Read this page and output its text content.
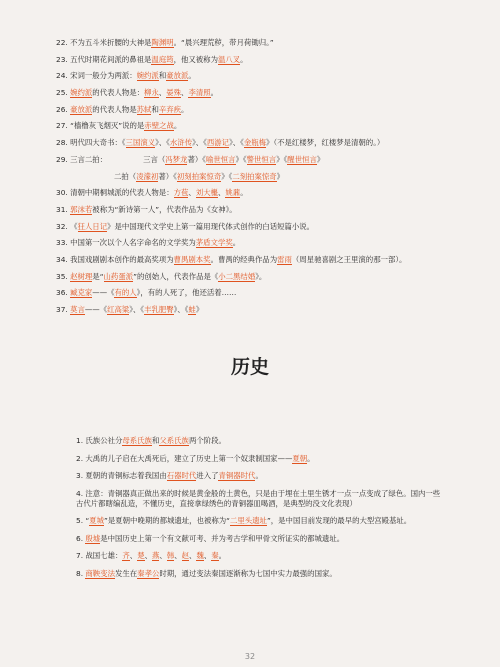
22. 不为五斗米折腰的大神是陶渊明。“晨兴理荒秽，带月荷锄归。”
23. 五代时期花间派的鼻祖是温庭筠，他又被称为温八叉。
24. 宋词一般分为两派：婉约派和豪放派。
25. 婉约派的代表人物是：柳永、晏殊、李清照。
26. 豪放派的代表人物是苏轼和辛弃疾。
27. “樯橹灰飞烟灭”说的是赤壁之战。
28. 明代四大奇书：《三国演义》、《水浒传》、《西游记》、《金瓶梅》（不是红楼梦，红楼梦是清朝的。）
29. 三言二拍：	三言（冯梦龙著）《喻世恒言》《警世恒言》《醒世恒言》
二拍（凌濛初著）《初刻拍案惊奇》《二刻拍案惊奇》
30. 清朝中期桐城派的代表人物是：方苞、刘大櫆、姚鼐。
31. 郭沫若被称为“新诗第一人”，代表作品为《女神》。
32. 《狂人日记》是中国现代文学史上第一篇用现代体式创作的白话短篇小说。
33. 中国第一次以个人名字命名的文学奖为茅盾文学奖。
34. 我国戏剧剧本创作的最高奖项为曹禺剧本奖。曹禺的经典作品为雷雨（周星驰喜剧之王里演的那一部）。
35. 赵树理是“山药蛋派”的创始人，代表作品是《小二黑结婚》。
36. 臧克家——《有的人》，有的人死了，他还活着……
37. 莫言——《红高粱》、《丰乳肥臀》、《蛙》
历史
1. 氏族公社分母系氏族和父系氏族两个阶段。
2. 大禹的儿子启在大禹死后，建立了历史上第一个奴隶制国家——夏朝。
3. 夏朝的青铜标志着我国由石器时代进入了青铜器时代。
4. 注意：青铜器真正做出来的时候是黄金般的土黄色，只是由于埋在土里生锈才一点一点变成了绿色。国内一些古代片都瞎编乱造，不懂历史，直接拿绿绣色的青铜器皿喝酒，是典型的没文化表现）
5. “夏城”是夏朝中晚期的都城遗址，也被称为“二里头遗址”，是中国目前发现的最早的大型宫殿基址。
6. 殷墟是中国历史上第一个有文献可考、并为考古学和甲骨文所证实的都城遗址。
7. 战国七雄：齐、楚、燕、韩、赵、魏、秦。
8. 商鞅变法发生在秦孝公时期，通过变法秦国逐渐称为七国中实力最强的国家。
32
